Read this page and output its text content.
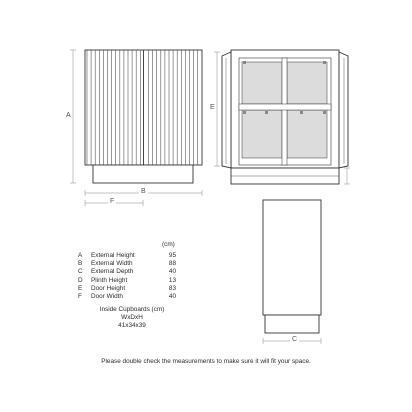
A
B
F
E
C
(cm)
A External Height	95
B External Width	88
C External Depth	40
D Plinth Height	13
E Door Height	83
F Door Width	40
Inside Cupboards (cm)
WxDxH
41x34x39
Please double check the measurements to make sure it will fit your space.
